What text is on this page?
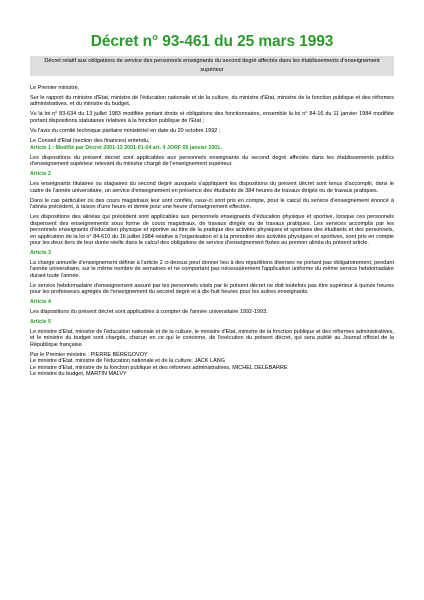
Décret n° 93-461 du 25 mars 1993
Décret relatif aux obligations de service des personnels enseignants du second degré affectés dans les établissements d'enseignement supérieur

Le Premier ministre,

Sur le rapport du ministre d'Etat, ministre de l'éducation nationale et de la culture, du ministre d'Etat, ministre de la fonction publique et des réformes administratives, et du ministre du budget,

Vu la loi n° 83-634 du 13 juillet 1983 modifiée portant droits et obligations des fonctionnaires, ensemble la loi n° 84-16 du 11 janvier 1984 modifiée portant dispositions statutaires relatives à la fonction publique de l'Etat ;

Vu l'avis du comité technique paritaire ministériel en date du 20 octobre 1992 ;

Le Conseil d'Etat (section des finances) entendu,

Article 1 : Modifié par Décret 2001-13 2001-01-04 art. 4 JORF 05 janvier 2001.

Les dispositions du présent décret sont applicables aux personnels enseignants du second degré affectés dans les établissements publics d'enseignement supérieur relevant du ministre chargé de l'enseignement supérieur.

Article 2

Les enseignants titulaires ou stagiaires du second degré auxquels s'appliquent les dispositions du présent décret sont tenus d'accomplir, dans le cadre de l'année universitaire, un service d'enseignement en présence des étudiants de 384 heures de travaux dirigés ou de travaux pratiques.

Dans le cas particulier où des cours magistraux leur sont confiés, ceux-ci sont pris en compte, pour le calcul du service d'enseignement énoncé à l'alinéa précédent, à raison d'une heure et demie pour une heure d'enseignement effective.

Les dispositions des alinéas qui précèdent sont applicables aux personnels enseignants d'éducation physique et sportive, lorsque ces personnels dispensent des enseignements sous forme de cours magistraux, de travaux dirigés ou de travaux pratiques. Les services accomplis par les personnels enseignants d'éducation physique et sportive au titre de la pratique des activités physiques et sportives des étudiants et des personnels, en application de la loi n° 84-610 du 16 juillet 1984 relative à l'organisation et à la promotion des activités physiques et sportives, sont pris en compte pour les deux tiers de leur durée réelle dans le calcul des obligations de service d'enseignement fixées au premier alinéa du présent article.

Article 3

La charge annuelle d'enseignement définie à l'article 2 ci-dessus peut donner lieu à des répartitions diverses ne portant pas obligatoirement, pendant l'année universitaire, sur le même nombre de semaines et ne comportant pas nécessairement l'application uniforme du même service hebdomadaire durant toute l'année.

Le service hebdomadaire d'enseignement assuré par les personnels visés par le présent décret ne doit toutefois pas être supérieur à quinze heures pour les professeurs agrégés de l'enseignement du second degré et à dix-huit heures pour les autres enseignants.

Article 4

Les dispositions du présent décret sont applicables à compter de l'année universitaire 1992-1993.

Article 5

Le ministre d'Etat, ministre de l'éducation nationale et de la culture, le ministre d'Etat, ministre de la fonction publique et des réformes administratives, et le ministre du budget sont chargés, chacun en ce qui le concerne, de l'exécution du présent décret, qui sera publié au Journal officiel de la République française.

Par le Premier ministre : PIERRE BÉRÉGOVOY

Le ministre d'Etat, ministre de l'éducation nationale et de la culture, JACK LANG

Le ministre d'Etat, ministre de la fonction publique et des réformes administratives, MICHEL DELEBARRE

Le ministre du budget, MARTIN MALVY
